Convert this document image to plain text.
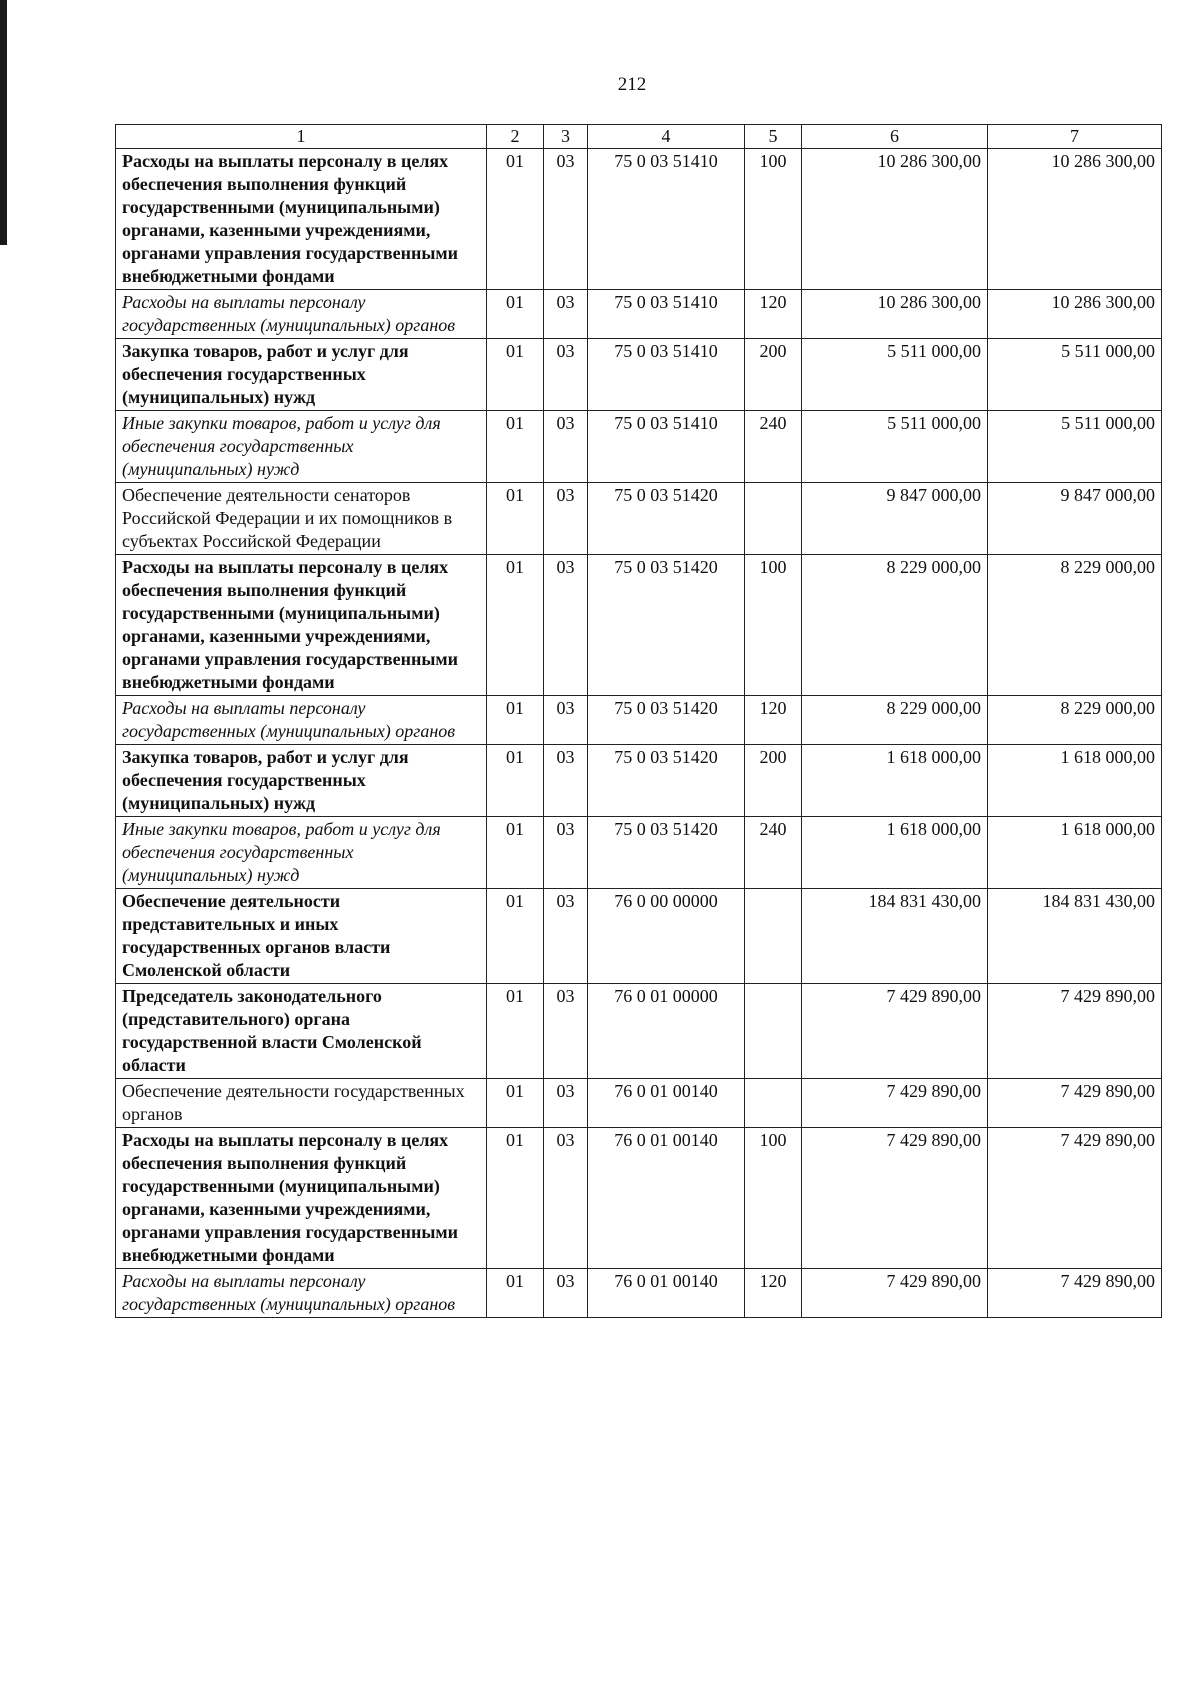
212
1	2	3	4	5	6	7
Расходы на выплаты персоналу в целях обеспечения выполнения функций государственными (муниципальными) органами, казенными учреждениями, органами управления государственными внебюджетными фондами	01	03	75 0 03 51410	100	10 286 300,00	10 286 300,00
Расходы на выплаты персоналу государственных (муниципальных) органов	01	03	75 0 03 51410	120	10 286 300,00	10 286 300,00
Закупка товаров, работ и услуг для обеспечения государственных (муниципальных) нужд	01	03	75 0 03 51410	200	5 511 000,00	5 511 000,00
Иные закупки товаров, работ и услуг для обеспечения государственных (муниципальных) нужд	01	03	75 0 03 51410	240	5 511 000,00	5 511 000,00
Обеспечение деятельности сенаторов Российской Федерации и их помощников в субъектах Российской Федерации	01	03	75 0 03 51420		9 847 000,00	9 847 000,00
Расходы на выплаты персоналу в целях обеспечения выполнения функций государственными (муниципальными) органами, казенными учреждениями, органами управления государственными внебюджетными фондами	01	03	75 0 03 51420	100	8 229 000,00	8 229 000,00
Расходы на выплаты персоналу государственных (муниципальных) органов	01	03	75 0 03 51420	120	8 229 000,00	8 229 000,00
Закупка товаров, работ и услуг для обеспечения государственных (муниципальных) нужд	01	03	75 0 03 51420	200	1 618 000,00	1 618 000,00
Иные закупки товаров, работ и услуг для обеспечения государственных (муниципальных) нужд	01	03	75 0 03 51420	240	1 618 000,00	1 618 000,00
Обеспечение деятельности представительных и иных государственных органов власти Смоленской области	01	03	76 0 00 00000		184 831 430,00	184 831 430,00
Председатель законодательного (представительного) органа государственной власти Смоленской области	01	03	76 0 01 00000		7 429 890,00	7 429 890,00
Обеспечение деятельности государственных органов	01	03	76 0 01 00140		7 429 890,00	7 429 890,00
Расходы на выплаты персоналу в целях обеспечения выполнения функций государственными (муниципальными) органами, казенными учреждениями, органами управления государственными внебюджетными фондами	01	03	76 0 01 00140	100	7 429 890,00	7 429 890,00
Расходы на выплаты персоналу государственных (муниципальных) органов	01	03	76 0 01 00140	120	7 429 890,00	7 429 890,00
